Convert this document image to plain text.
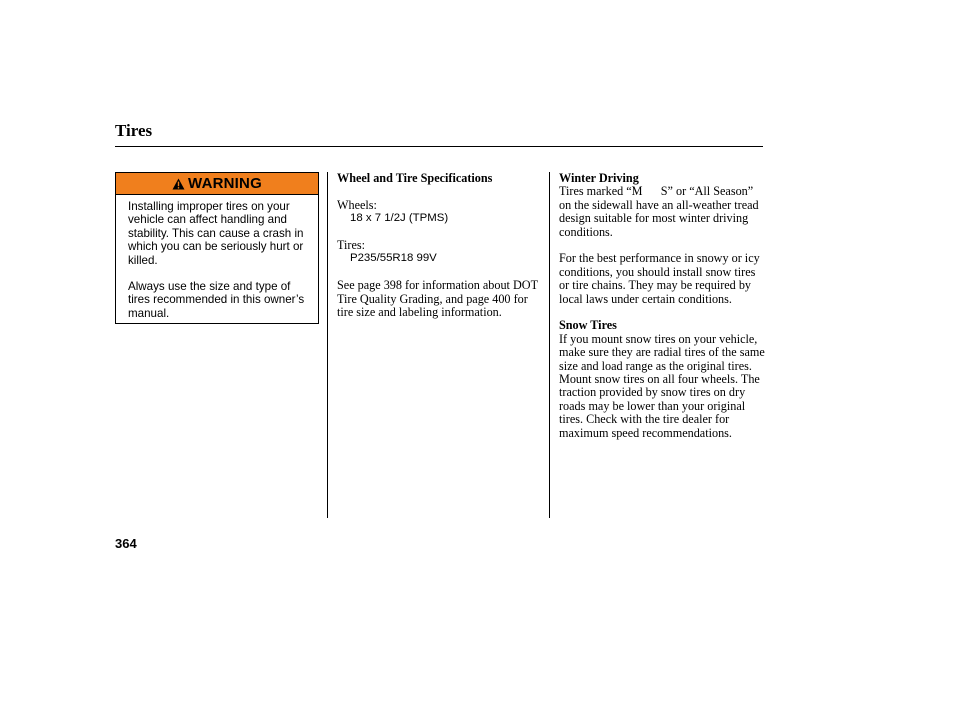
Tires
WARNING

Installing improper tires on your vehicle can affect handling and stability. This can cause a crash in which you can be seriously hurt or killed.

Always use the size and type of tires recommended in this owner’s manual.

Wheel and Tire Specifications
Wheels:
18 x 7 1/2J (TPMS)
Tires:
P235/55R18 99V
See page 398 for information about DOT Tire Quality Grading, and page 400 for tire size and labeling information.
Winter Driving

Tires marked “M      S” or “All Season” on the sidewall have an all-weather tread design suitable for most winter driving conditions.

For the best performance in snowy or icy conditions, you should install snow tires or tire chains. They may be required by local laws under certain conditions.

Snow Tires

If you mount snow tires on your vehicle, make sure they are radial tires of the same size and load range as the original tires. Mount snow tires on all four wheels. The traction provided by snow tires on dry roads may be lower than your original tires. Check with the tire dealer for maximum speed recommendations.

364
